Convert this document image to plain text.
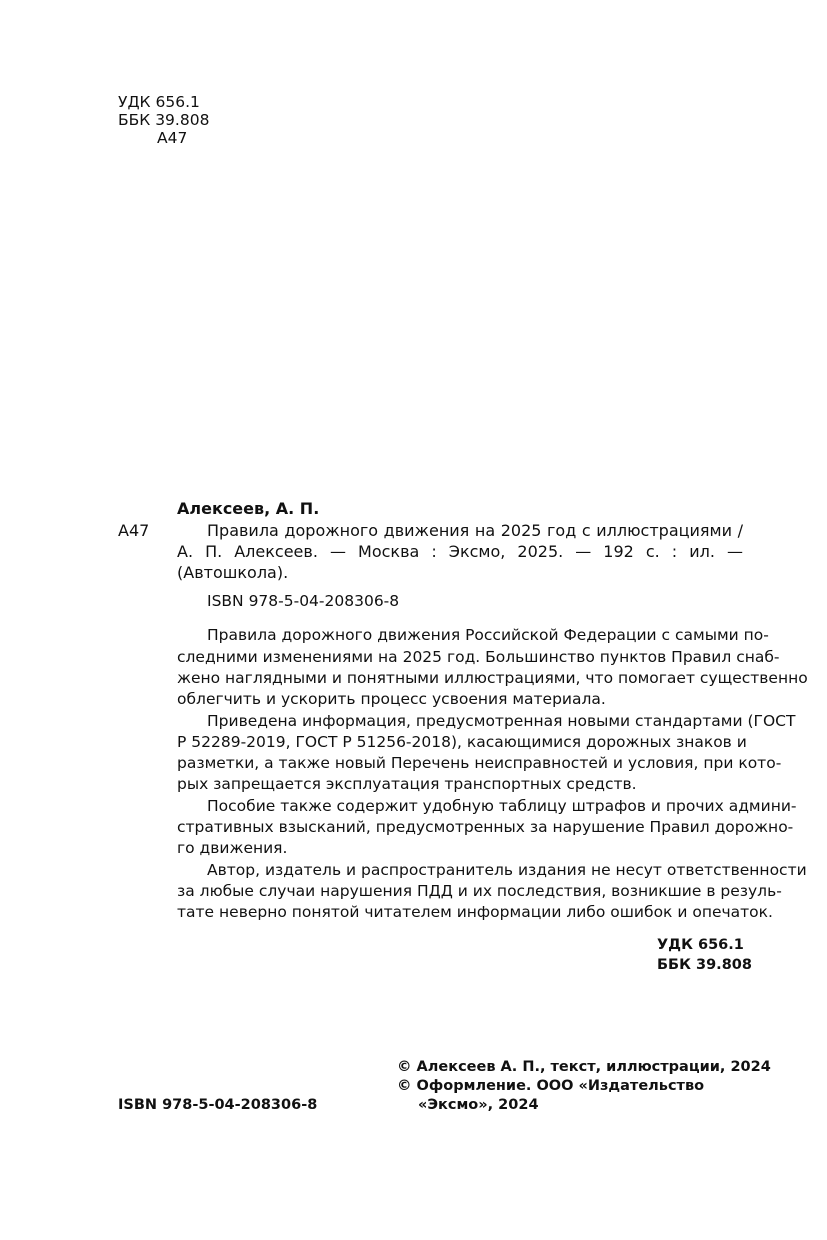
УДК 656.1
ББК 39.808
А47
Алексеев, А. П.
А47	Правила дорожного движения на 2025 год с иллюстрациями /
А. П. Алексеев. — Москва : Эксмо, 2025. — 192 с. : ил. —
(Автошкола).
ISBN 978-5-04-208306-8
Правила дорожного движения Российской Федерации с самыми по-
следними изменениями на 2025 год. Большинство пунктов Правил снаб-
жено наглядными и понятными иллюстрациями, что помогает существенно
облегчить и ускорить процесс усвоения материала.
Приведена информация, предусмотренная новыми стандартами (ГОСТ
Р 52289-2019, ГОСТ Р 51256-2018), касающимися дорожных знаков и
разметки, а также новый Перечень неисправностей и условия, при кото-
рых запрещается эксплуатация транспортных средств.
Пособие также содержит удобную таблицу штрафов и прочих админи-
стративных взысканий, предусмотренных за нарушение Правил дорожно-
го движения.
Автор, издатель и распространитель издания не несут ответственности
за любые случаи нарушения ПДД и их последствия, возникшие в резуль-
тате неверно понятой читателем информации либо ошибок и опечаток.
УДК 656.1
ББК 39.808
© Алексеев А. П., текст, иллюстрации, 2024
© Оформление. ООО «Издательство
«Эксмо», 2024
ISBN 978-5-04-208306-8
